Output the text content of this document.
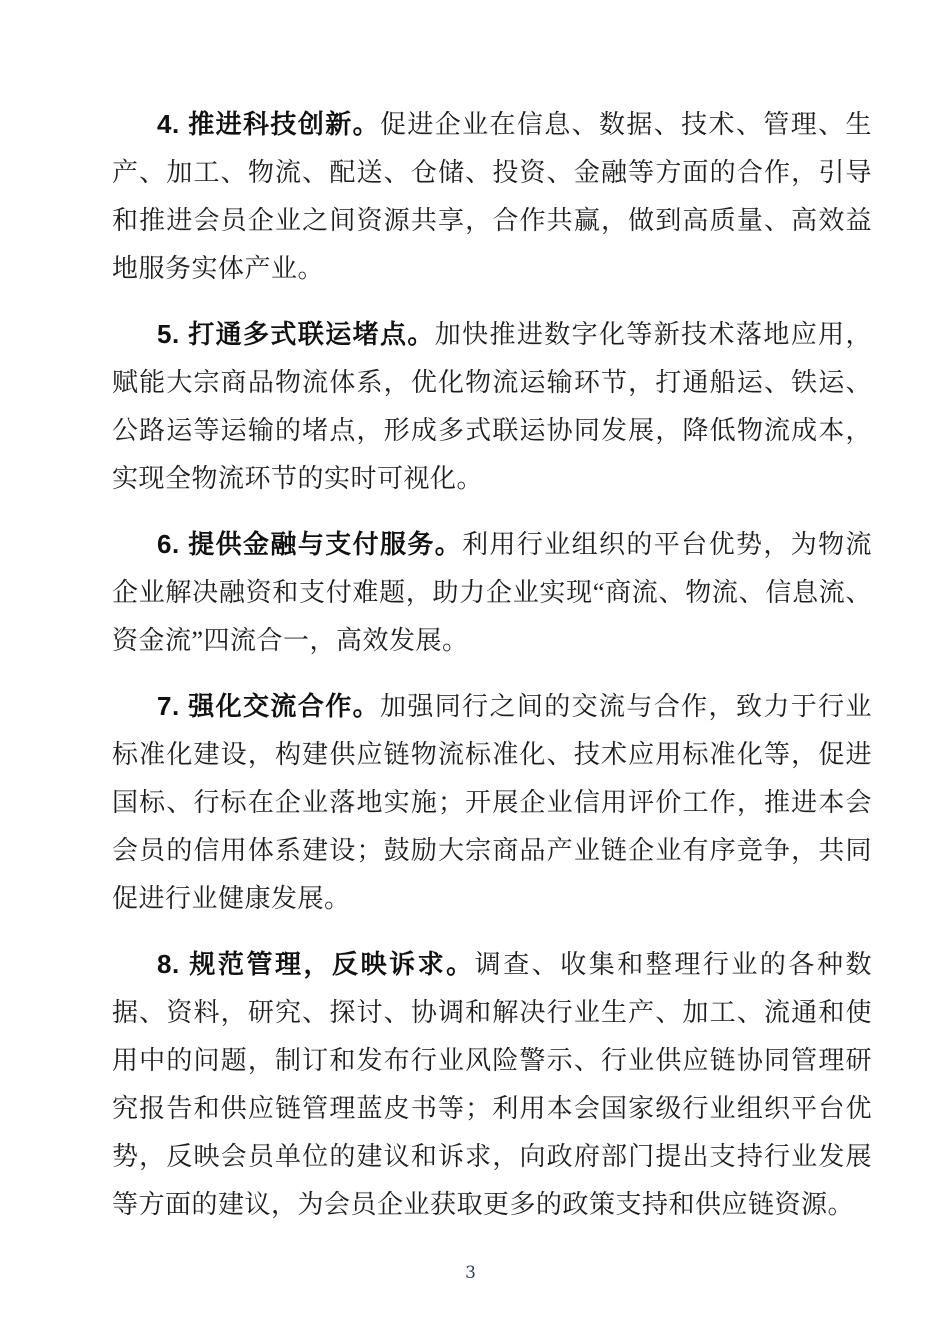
4. 推进科技创新。促进企业在信息、数据、技术、管理、生产、加工、物流、配送、仓储、投资、金融等方面的合作，引导和推进会员企业之间资源共享，合作共赢，做到高质量、高效益地服务实体产业。

5. 打通多式联运堵点。加快推进数字化等新技术落地应用，赋能大宗商品物流体系，优化物流运输环节，打通船运、铁运、公路运等运输的堵点，形成多式联运协同发展，降低物流成本，实现全物流环节的实时可视化。

6. 提供金融与支付服务。利用行业组织的平台优势，为物流企业解决融资和支付难题，助力企业实现“商流、物流、信息流、资金流”四流合一，高效发展。

7. 强化交流合作。加强同行之间的交流与合作，致力于行业标准化建设，构建供应链物流标准化、技术应用标准化等，促进国标、行标在企业落地实施；开展企业信用评价工作，推进本会会员的信用体系建设；鼓励大宗商品产业链企业有序竞争，共同促进行业健康发展。

8. 规范管理，反映诉求。调查、收集和整理行业的各种数据、资料，研究、探讨、协调和解决行业生产、加工、流通和使用中的问题，制订和发布行业风险警示、行业供应链协同管理研究报告和供应链管理蓝皮书等；利用本会国家级行业组织平台优势，反映会员单位的建议和诉求，向政府部门提出支持行业发展等方面的建议，为会员企业获取更多的政策支持和供应链资源。

3
